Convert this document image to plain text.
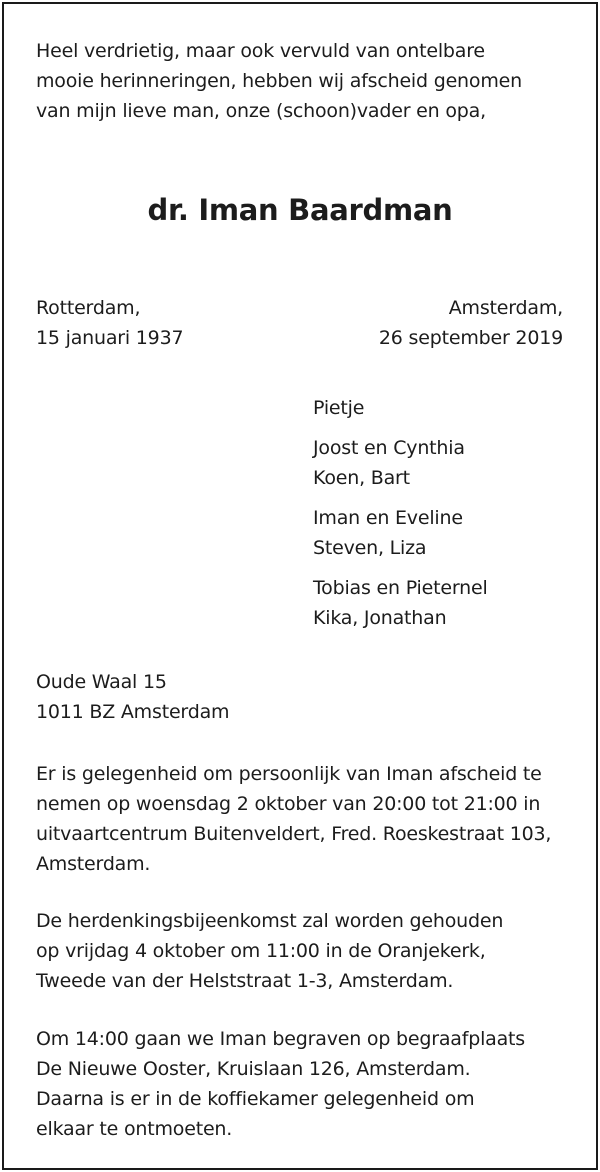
Heel verdrietig, maar ook vervuld van ontelbare
mooie herinneringen, hebben wij afscheid genomen
van mijn lieve man, onze (schoon)vader en opa,

dr. Iman Baardman

Rotterdam,
15 januari 1937

Amsterdam,
26 september 2019

Pietje
Joost en Cynthia
Koen, Bart
Iman en Eveline
Steven, Liza
Tobias en Pieternel
Kika, Jonathan

Oude Waal 15
1011 BZ Amsterdam

Er is gelegenheid om persoonlijk van Iman afscheid te
nemen op woensdag 2 oktober van 20:00 tot 21:00 in
uitvaartcentrum Buitenveldert, Fred. Roeskestraat 103,
Amsterdam.

De herdenkingsbijeenkomst zal worden gehouden
op vrijdag 4 oktober om 11:00 in de Oranjekerk,
Tweede van der Helststraat 1-3, Amsterdam.

Om 14:00 gaan we Iman begraven op begraafplaats
De Nieuwe Ooster, Kruislaan 126, Amsterdam.
Daarna is er in de koffiekamer gelegenheid om
elkaar te ontmoeten.
